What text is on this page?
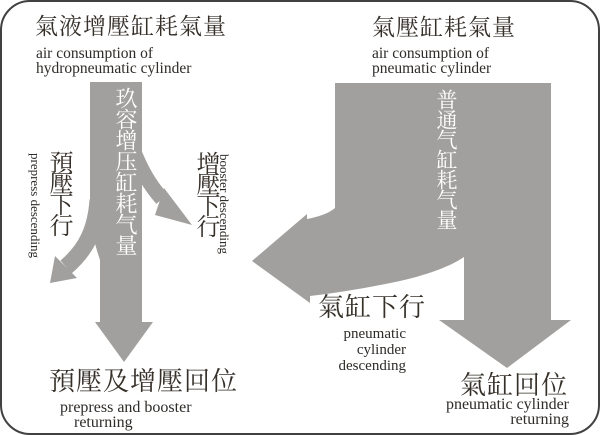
氣液增壓缸耗氣量
air consumption of
hydropneumatic cylinder
玖容增压缸耗气量
prepress descending 預壓下行	增壓下行 booster descending
預壓及增壓回位
prepress and booster
returning
氣壓缸耗氣量
air consumption of
pneumatic cylinder
普通气缸耗气量
氣缸下行
pneumatic
cylinder
descending
氣缸回位
pneumatic cylinder
returning
